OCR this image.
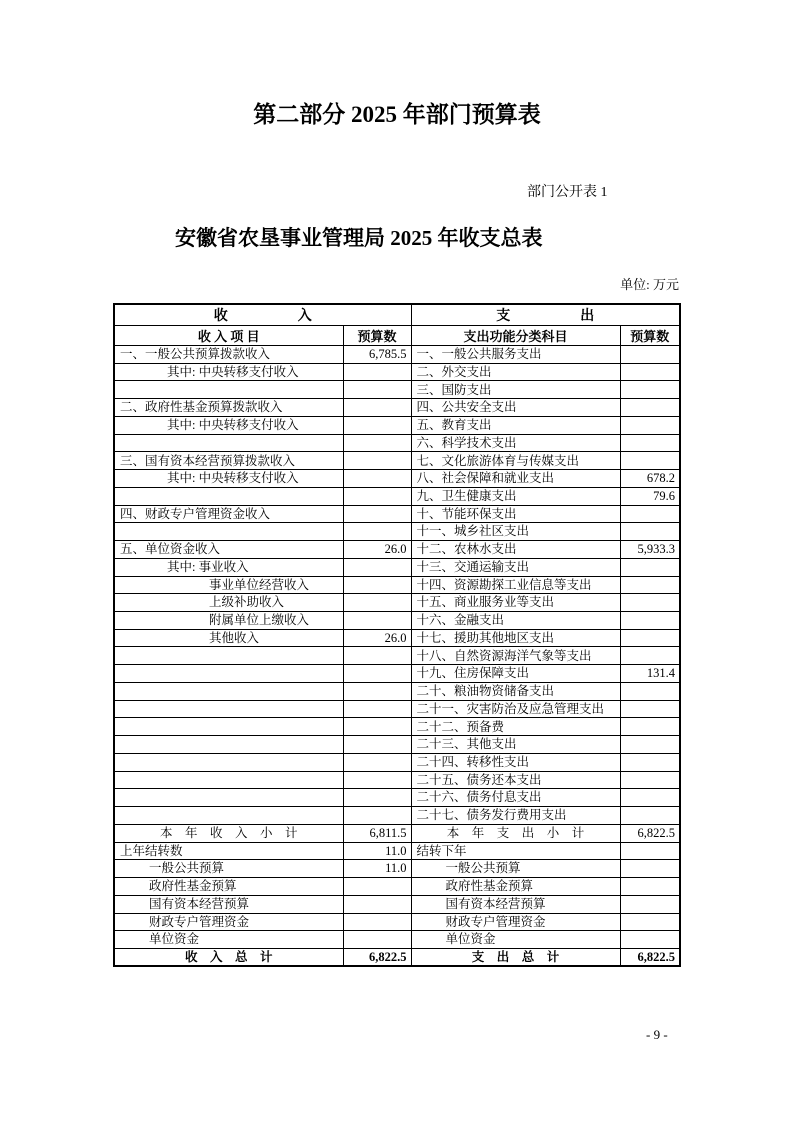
第二部分 2025 年部门预算表
部门公开表 1
安徽省农垦事业管理局 2025 年收支总表
单位: 万元
收　　　　　入		支　　　　　出	
收 入 项 目	预算数	支出功能分类科目	预算数
一、一般公共预算拨款收入	6,785.5	一、一般公共服务支出	
其中: 中央转移支付收入		二、外交支出	
		三、国防支出	
二、政府性基金预算拨款收入		四、公共安全支出	
其中: 中央转移支付收入		五、教育支出	
		六、科学技术支出	
三、国有资本经营预算拨款收入		七、文化旅游体育与传媒支出	
其中: 中央转移支付收入		八、社会保障和就业支出	678.2
		九、卫生健康支出	79.6
四、财政专户管理资金收入		十、节能环保支出	
		十一、城乡社区支出	
五、单位资金收入	26.0	十二、农林水支出	5,933.3
其中: 事业收入		十三、交通运输支出	
事业单位经营收入		十四、资源勘探工业信息等支出	
上级补助收入		十五、商业服务业等支出	
附属单位上缴收入		十六、金融支出	
其他收入	26.0	十七、援助其他地区支出	
		十八、自然资源海洋气象等支出	
		十九、住房保障支出	131.4
		二十、粮油物资储备支出	
		二十一、灾害防治及应急管理支出	
		二十二、预备费	
		二十三、其他支出	
		二十四、转移性支出	
		二十五、债务还本支出	
		二十六、债务付息支出	
		二十七、债务发行费用支出	
本　年　收　入　小　计	6,811.5	本　年　支　出　小　计	6,822.5
上年结转数	11.0	结转下年	
一般公共预算	11.0	一般公共预算	
政府性基金预算		政府性基金预算	
国有资本经营预算		国有资本经营预算	
财政专户管理资金		财政专户管理资金	
单位资金		单位资金	
收　入　总　计	6,822.5	支　出　总　计	6,822.5
- 9 -
